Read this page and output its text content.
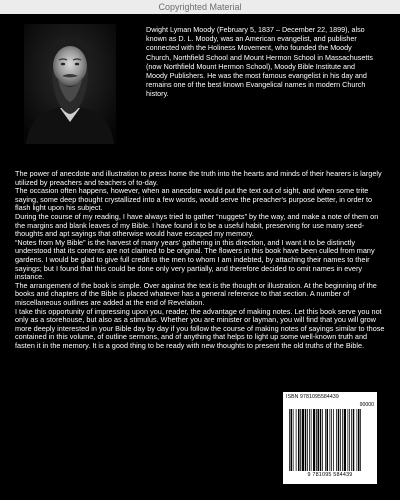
Copyrighted Material

Dwight Lyman Moody (February 5, 1837 – December 22, 1899), also known as D. L. Moody, was an American evangelist, and publisher connected with the Holiness Movement, who founded the Moody Church, Northfield School and Mount Hermon School in Massachusetts (now Northfield Mount Hermon School), Moody Bible Institute and Moody Publishers. He was the most famous evangelist in his day and remains one of the best known Evangelical names in modern Church history.

The power of anecdote and illustration to press home the truth into the hearts and minds of their hearers is largely utilized by preachers and teachers of to-day.

The occasion often happens, however, when an anecdote would put the text out of sight, and when some trite saying, some deep thought crystallized into a few words, would serve the preacher's purpose better, in order to flash light upon his subject.

During the course of my reading, I have always tried to gather “nuggets” by the way, and make a note of them on the margins and blank leaves of my Bible. I have found it to be a useful habit, preserving for use many seed-thoughts and apt sayings that otherwise would have escaped my memory.

“Notes from My Bible” is the harvest of many years' gathering in this direction, and I want it to be distinctly understood that its contents are not claimed to be original. The flowers in this book have been culled from many gardens. I would be glad to give full credit to the men to whom I am indebted, by attaching their names to their sayings; but I found that this could be done only very partially, and therefore decided to omit names in every instance.

The arrangement of the book is simple. Over against the text is the thought or illustration. At the beginning of the books and chapters of the Bible is placed whatever has a general reference to that section. A number of miscellaneous outlines are added at the end of Revelation.

I take this opportunity of impressing upon you, reader, the advantage of making notes. Let this book serve you not only as a storehouse, but also as a stimulus. Whether you are minister or layman, you will find that you will grow more deeply interested in your Bible day by day if you follow the course of making notes of sayings similar to those contained in this volume, of outline sermons, and of anything that helps to light up some well-known truth and fasten it in the memory. It is a good thing to be ready with new thoughts to present the old truths of the Bible.

ISBN 9781095584439
90000
9 781095 584439
